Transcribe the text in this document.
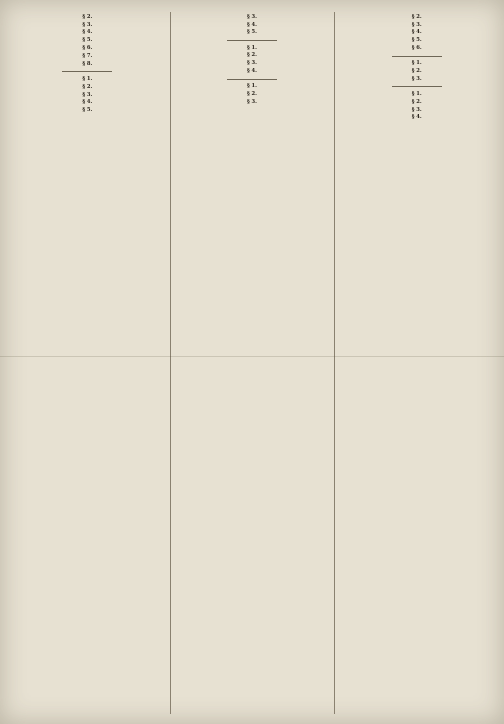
§ 2.
§ 3.
§ 4.
§ 5.
§ 6.
§ 7.
§ 8.
§ 1.
§ 2.
§ 3.
§ 4.
§ 5.
§ 3.
§ 4.
§ 5.
§ 1.
§ 2.
§ 3.
§ 4.
§ 1.
§ 2.
§ 3.
§ 2.
§ 3.
§ 4.
§ 5.
§ 6.
§ 1.
§ 2.
§ 3.
§ 1.
§ 2.
§ 3.
§ 4.
